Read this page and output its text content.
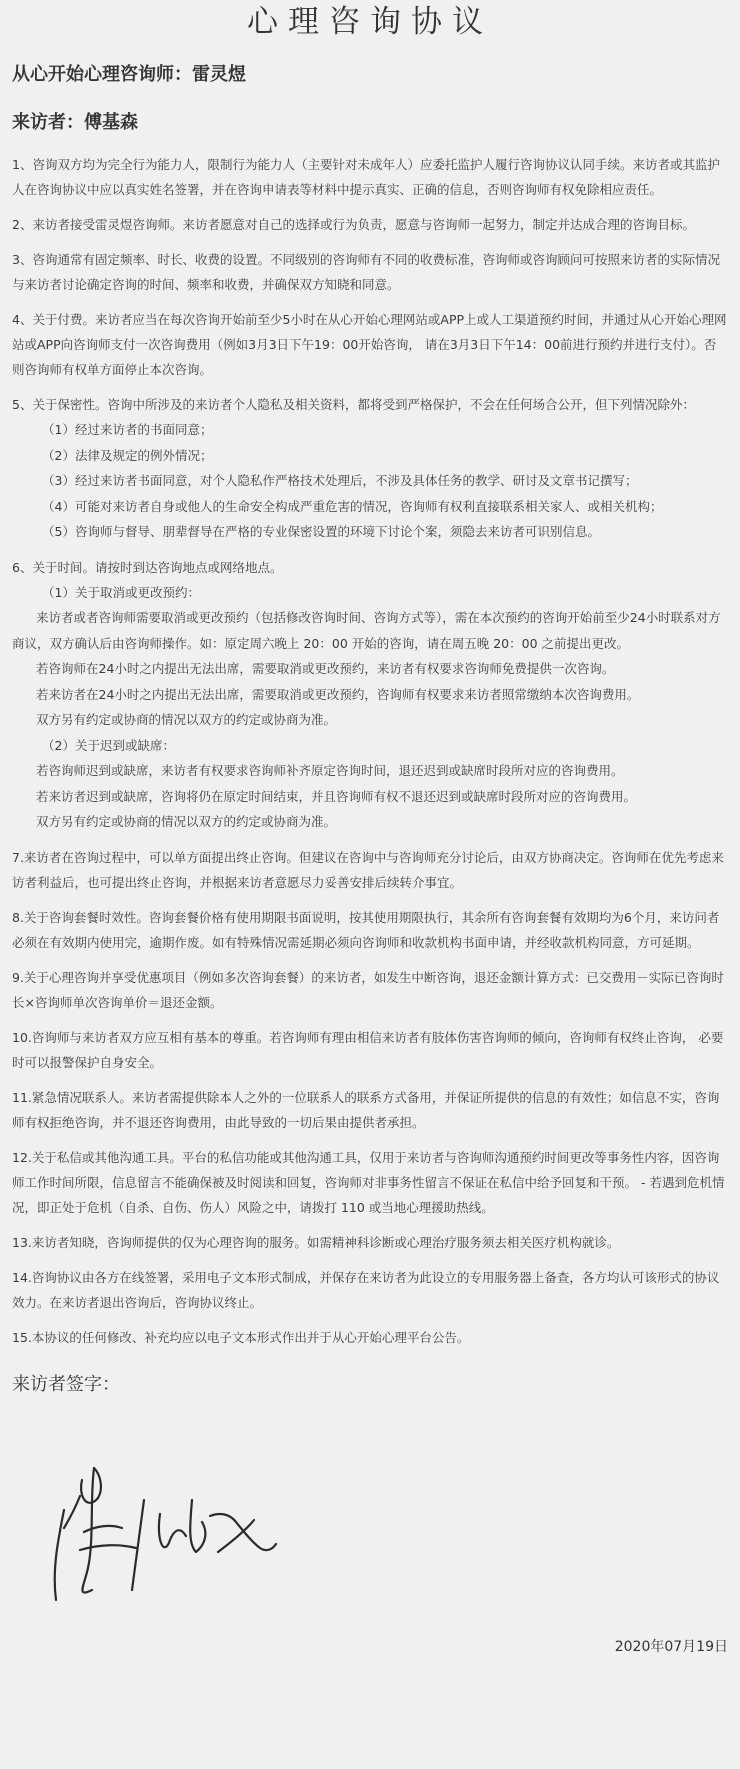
心理咨询协议
从心开始心理咨询师：雷灵煜
来访者：傅基森

1、咨询双方均为完全行为能力人，限制行为能力人（主要针对未成年人）应委托监护人履行咨询协议认同手续。来访者或其监护人在咨询协议中应以真实姓名签署，并在咨询申请表等材料中提示真实、正确的信息，否则咨询师有权免除相应责任。

2、来访者接受雷灵煜咨询师。来访者愿意对自己的选择或行为负责，愿意与咨询师一起努力，制定并达成合理的咨询目标。

3、咨询通常有固定频率、时长、收费的设置。不同级别的咨询师有不同的收费标准，咨询师或咨询顾问可按照来访者的实际情况与来访者讨论确定咨询的时间、频率和收费，并确保双方知晓和同意。

4、关于付费。来访者应当在每次咨询开始前至少5小时在从心开始心理网站或APP上或人工渠道预约时间，并通过从心开始心理网站或APP向咨询师支付一次咨询费用（例如3月3日下午19：00开始咨询， 请在3月3日下午14：00前进行预约并进行支付）。否则咨询师有权单方面停止本次咨询。

5、关于保密性。咨询中所涉及的来访者个人隐私及相关资料，都将受到严格保护，不会在任何场合公开，但下列情况除外：

（1）经过来访者的书面同意；
（2）法律及规定的例外情况；
（3）经过来访者书面同意，对个人隐私作严格技术处理后，不涉及具体任务的教学、研讨及文章书记撰写；
（4）可能对来访者自身或他人的生命安全构成严重危害的情况，咨询师有权利直接联系相关家人、或相关机构；
（5）咨询师与督导、朋辈督导在严格的专业保密设置的环境下讨论个案，须隐去来访者可识别信息。

6、关于时间。请按时到达咨询地点或网络地点。

（1）关于取消或更改预约：
来访者或者咨询师需要取消或更改预约（包括修改咨询时间、咨询方式等），需在本次预约的咨询开始前至少24小时联系对方商议，双方确认后由咨询师操作。如：原定周六晚上 20：00 开始的咨询，请在周五晚 20：00 之前提出更改。
若咨询师在24小时之内提出无法出席，需要取消或更改预约，来访者有权要求咨询师免费提供一次咨询。
若来访者在24小时之内提出无法出席，需要取消或更改预约，咨询师有权要求来访者照常缴纳本次咨询费用。
双方另有约定或协商的情况以双方的约定或协商为准。
（2）关于迟到或缺席：
若咨询师迟到或缺席，来访者有权要求咨询师补齐原定咨询时间，退还迟到或缺席时段所对应的咨询费用。
若来访者迟到或缺席，咨询将仍在原定时间结束，并且咨询师有权不退还迟到或缺席时段所对应的咨询费用。
双方另有约定或协商的情况以双方的约定或协商为准。

7.来访者在咨询过程中，可以单方面提出终止咨询。但建议在咨询中与咨询师充分讨论后，由双方协商决定。咨询师在优先考虑来访者利益后，也可提出终止咨询，并根据来访者意愿尽力妥善安排后续转介事宜。

8.关于咨询套餐时效性。咨询套餐价格有使用期限书面说明，按其使用期限执行，其余所有咨询套餐有效期均为6个月，来访问者必须在有效期内使用完，逾期作废。如有特殊情况需延期必须向咨询师和收款机构书面申请，并经收款机构同意，方可延期。

9.关于心理咨询并享受优惠项目（例如多次咨询套餐）的来访者，如发生中断咨询，退还金额计算方式：已交费用－实际已咨询时长×咨询师单次咨询单价＝退还金额。

10.咨询师与来访者双方应互相有基本的尊重。若咨询师有理由相信来访者有肢体伤害咨询师的倾向，咨询师有权终止咨询， 必要时可以报警保护自身安全。

11.紧急情况联系人。来访者需提供除本人之外的一位联系人的联系方式备用，并保证所提供的信息的有效性；如信息不实，咨询师有权拒绝咨询，并不退还咨询费用，由此导致的一切后果由提供者承担。

12.关于私信或其他沟通工具。平台的私信功能或其他沟通工具，仅用于来访者与咨询师沟通预约时间更改等事务性内容，因咨询师工作时间所限，信息留言不能确保被及时阅读和回复，咨询师对非事务性留言不保证在私信中给予回复和干预。 - 若遇到危机情况，即正处于危机（自杀、自伤、伤人）风险之中，请拨打 110 或当地心理援助热线。

13.来访者知晓，咨询师提供的仅为心理咨询的服务。如需精神科诊断或心理治疗服务须去相关医疗机构就诊。

14.咨询协议由各方在线签署，采用电子文本形式制成，并保存在来访者为此设立的专用服务器上备查，各方均认可该形式的协议效力。在来访者退出咨询后，咨询协议终止。

15.本协议的任何修改、补充均应以电子文本形式作出并于从心开始心理平台公告。

来访者签字：
2020年07月19日
